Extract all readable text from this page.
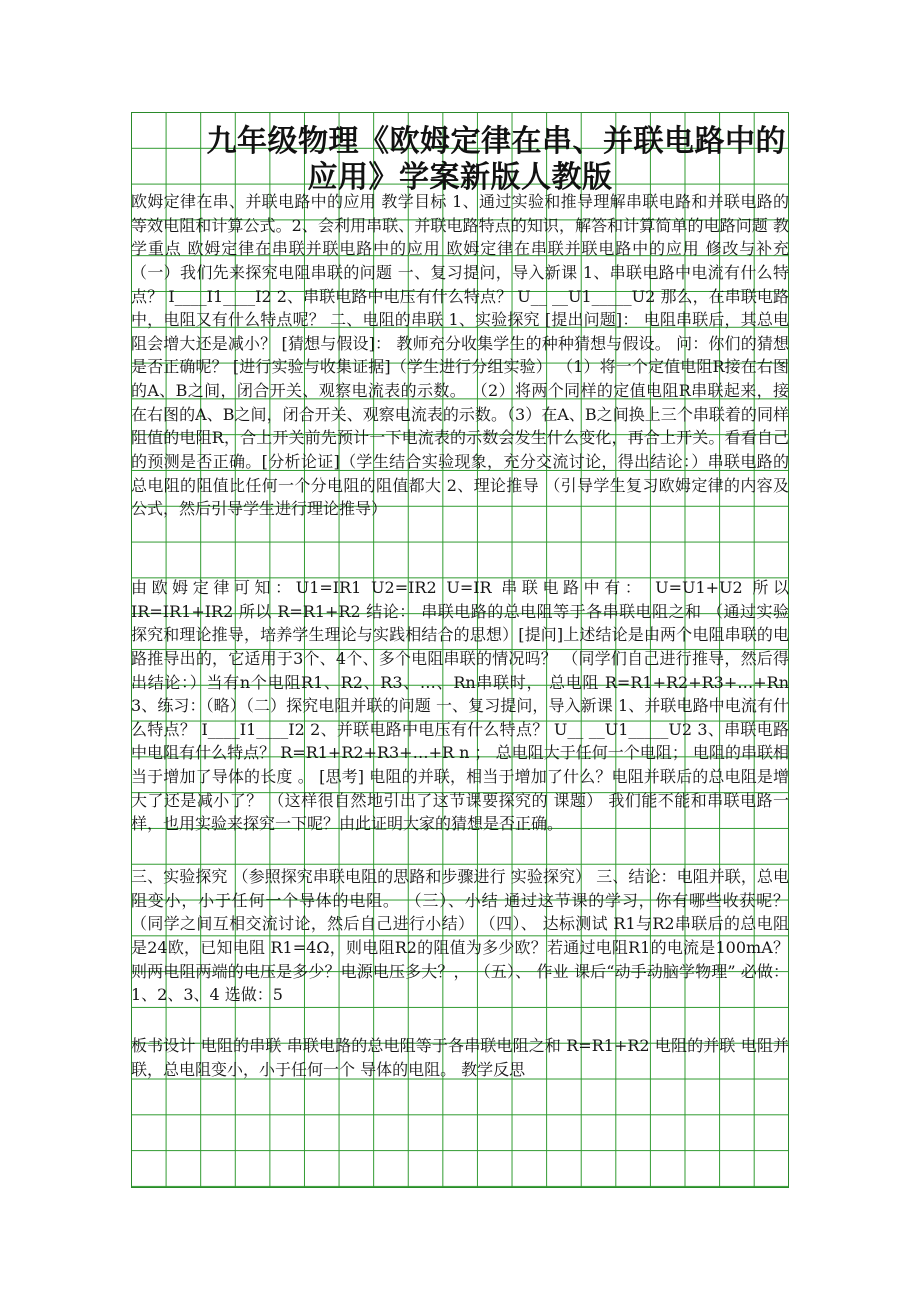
九年级物理《欧姆定律在串、并联电路中的
应用》学案新版人教版
欧姆定律在串、并联电路中的应用 教学目标 1、通过实验和推导理解串联电路和并联电路的等效电阻和计算公式。2、会利用串联、并联电路特点的知识，解答和计算简单的电路问题 教学重点 欧姆定律在串联并联电路中的应用 欧姆定律在串联并联电路中的应用 修改与补充 （一）我们先来探究电阻串联的问题 一、复习提问，导入新课 1、串联电路中电流有什么特点？ I____I1____I2 2、串联电路中电压有什么特点？ U__ __U1_____U2 那么，在串联电路中，电阻又有什么特点呢？ 二、电阻的串联 1、实验探究 [提出问题]： 电阻串联后，其总电阻会增大还是减小？ [猜想与假设]： 教师充分收集学生的种种猜想与假设。 问：你们的猜想是否正确呢？ [进行实验与收集证据]（学生进行分组实验） （1）将一个定值电阻R接在右图的A、B之间，闭合开关、观察电流表的示数。 （2）将两个同样的定值电阻R串联起来，接在右图的A、B之间，闭合开关、观察电流表的示数。（3）在A、B之间换上三个串联着的同样阻值的电阻R，合上开关前先预计一下电流表的示数会发生什么变化，再合上开关。看看自己的预测是否正确。[分析论证]（学生结合实验现象，充分交流讨论，得出结论：）串联电路的总电阻的阻值比任何一个分电阻的阻值都大 2、理论推导 （引导学生复习欧姆定律的内容及公式，然后引导学生进行理论推导）
由欧姆定律可知：U1=IR1 U2=IR2 U=IR 串联电路中有： U=U1+U2 所以 IR=IR1+IR2 所以 R=R1+R2 结论： 串联电路的总电阻等于各串联电阻之和 （通过实验探究和理论推导，培养学生理论与实践相结合的思想）[提问]上述结论是由两个电阻串联的电路推导出的，它适用于3个、4个、多个电阻串联的情况吗？ （同学们自己进行推导，然后得出结论：）当有n个电阻R1、R2、R3、…、Rn串联时， 总电阻 R=R1+R2+R3+…+Rn 3、练习：（略）（二）探究电阻并联的问题 一、复习提问，导入新课 1、并联电路中电流有什么特点？ I____I1____I2 2、并联电路中电压有什么特点？ U__ __U1_____U2 3、串联电路中电阻有什么特点？ R=R1+R2+R3+…+R n ； 总电阻大于任何一个电阻； 电阻的串联相当于增加了导体的长度 。 [思考] 电阻的并联，相当于增加了什么？电阻并联后的总电阻是增大了还是减小了？ （这样很自然地引出了这节课要探究的 课题） 我们能不能和串联电路一样，也用实验来探究一下呢？由此证明大家的猜想是否正确。
三、实验探究 （参照探究串联电阻的思路和步骤进行 实验探究） 三、结论：电阻并联，总电阻变小，小于任何一个导体的电阻。 （三）、小结 通过这节课的学习，你有哪些收获呢？（同学之间互相交流讨论，然后自己进行小结） （四）、 达标测试 R1与R2串联后的总电阻是24欧，已知电阻 R1=4Ω，则电阻R2的阻值为多少欧？若通过电阻R1的电流是100mA？则两电阻两端的电压是多少？电源电压多大？， （五）、 作业 课后“动手动脑学物理” 必做：1、2、3、4 选做：5
板书设计 电阻的串联 串联电路的总电阻等于各串联电阻之和 R=R1+R2 电阻的并联 电阻并联，总电阻变小，小于任何一个 导体的电阻。 教学反思
